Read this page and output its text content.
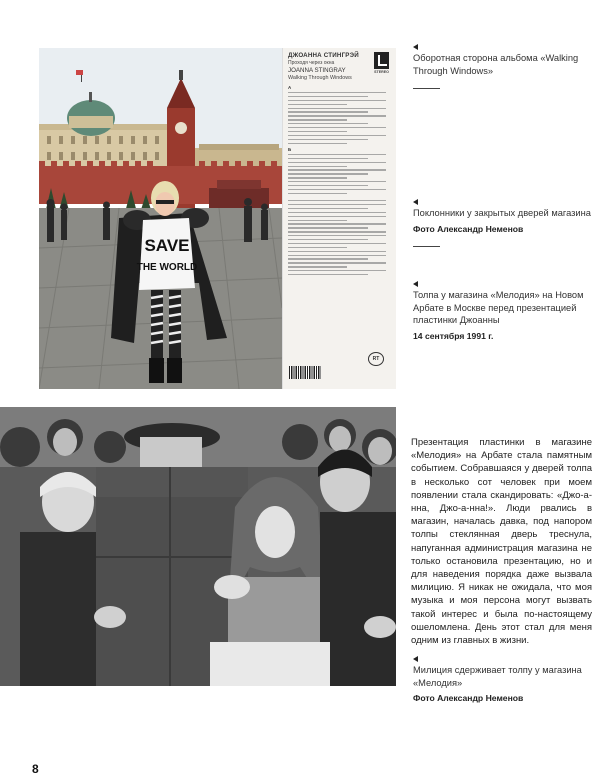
SAVE
THE WORLD
ДЖОАННА СТИНГРЭЙ
Проходя через окна
JOANNA STINGRAY
Walking Through Windows
STEREO
A
Б
RT
Оборотная сторона альбома «Walking Through Windows»
Поклонники у закрытых дверей магазина
Фото Александр Неменов
Толпа у магазина «Мелодия» на Новом Арбате в Москве перед презентацией пластинки Джоанны
14 сентября 1991 г.
Презентация пластинки в магазине «Мелодия» на Арбате стала памятным событием. Собравшаяся у дверей толпа в несколько сот человек при моем появлении стала скандировать: «Джо-а-нна, Джо-а-нна!». Люди рвались в магазин, началась давка, под напором толпы стеклянная дверь треснула, напуганная администрация магазина не только остановила презентацию, но и для наведения порядка даже вызвала милицию. Я никак не ожидала, что моя музыка и моя персона могут вызвать такой интерес и была по-настоящему ошеломлена. День этот стал для меня одним из главных в жизни.
Милиция сдерживает толпу у магазина «Мелодия»
Фото Александр Неменов
8
